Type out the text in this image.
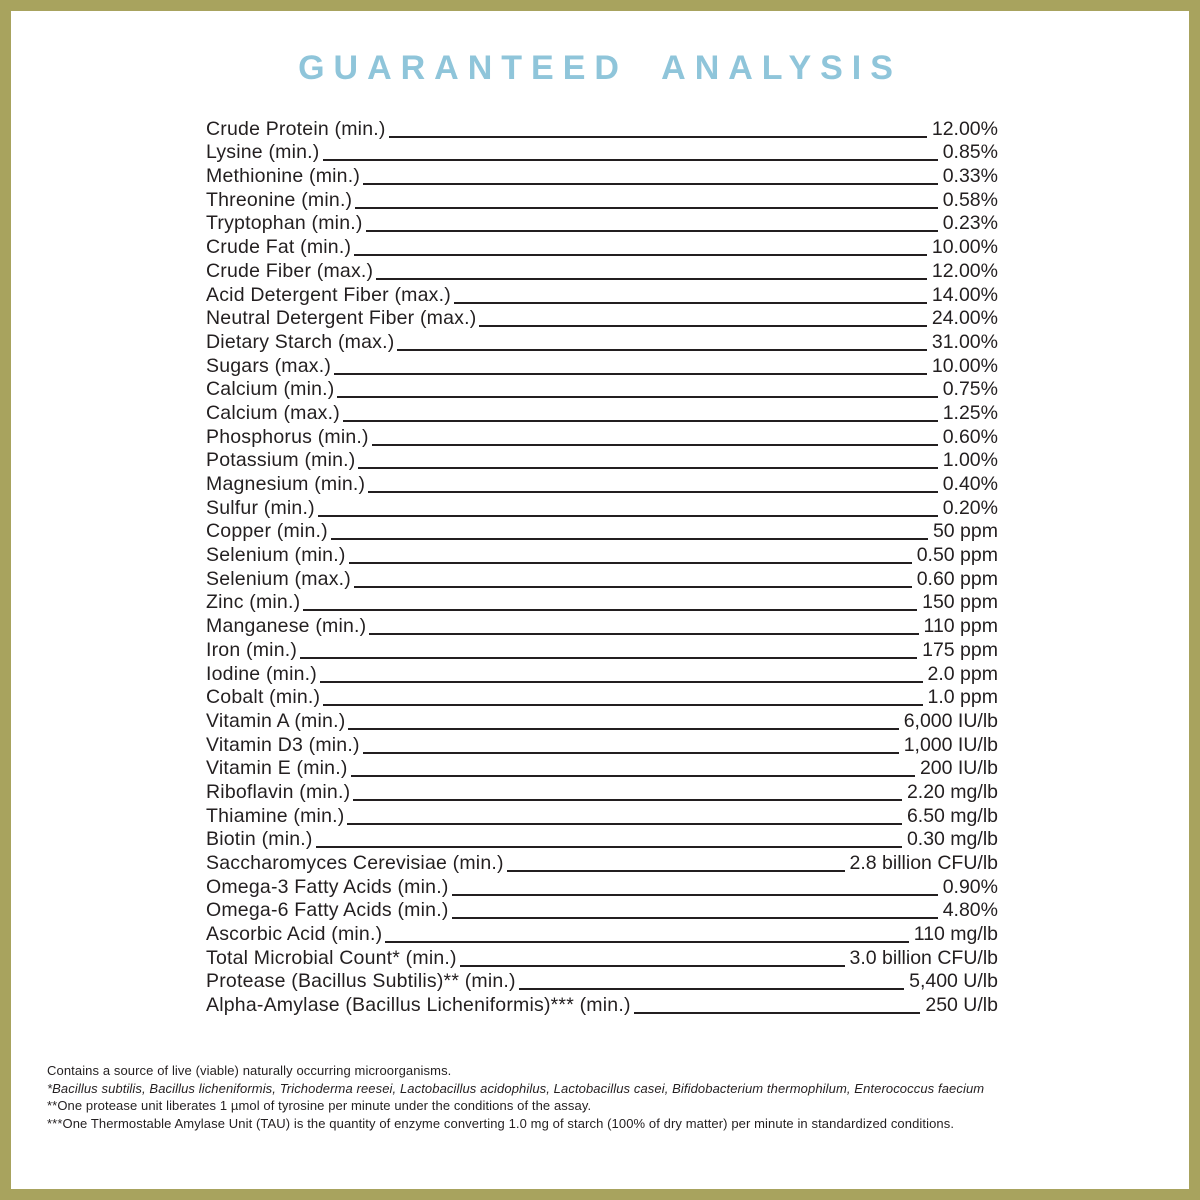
GUARANTEED ANALYSIS
Crude Protein (min.)	12.00%
Lysine (min.)	0.85%
Methionine (min.)	0.33%
Threonine (min.)	0.58%
Tryptophan (min.)	0.23%
Crude Fat (min.)	10.00%
Crude Fiber (max.)	12.00%
Acid Detergent Fiber (max.)	14.00%
Neutral Detergent Fiber (max.)	24.00%
Dietary Starch (max.)	31.00%
Sugars (max.)	10.00%
Calcium (min.)	0.75%
Calcium (max.)	1.25%
Phosphorus (min.)	0.60%
Potassium (min.)	1.00%
Magnesium (min.)	0.40%
Sulfur (min.)	0.20%
Copper (min.)	50 ppm
Selenium (min.)	0.50 ppm
Selenium (max.)	0.60 ppm
Zinc (min.)	150 ppm
Manganese (min.)	110 ppm
Iron (min.)	175 ppm
Iodine (min.)	2.0 ppm
Cobalt (min.)	1.0 ppm
Vitamin A (min.)	6,000 IU/lb
Vitamin D3 (min.)	1,000 IU/lb
Vitamin E (min.)	200 IU/lb
Riboflavin (min.)	2.20 mg/lb
Thiamine (min.)	6.50 mg/lb
Biotin (min.)	0.30 mg/lb
Saccharomyces Cerevisiae (min.)	2.8 billion CFU/lb
Omega-3 Fatty Acids (min.)	0.90%
Omega-6 Fatty Acids (min.)	4.80%
Ascorbic Acid (min.)	110 mg/lb
Total Microbial Count* (min.)	3.0 billion CFU/lb
Protease (Bacillus Subtilis)** (min.)	5,400 U/lb
Alpha-Amylase (Bacillus Licheniformis)*** (min.)	250 U/lb

Contains a source of live (viable) naturally occurring microorganisms.

*Bacillus subtilis, Bacillus licheniformis, Trichoderma reesei, Lactobacillus acidophilus, Lactobacillus casei, Bifidobacterium thermophilum, Enterococcus faecium

**One protease unit liberates 1 µmol of tyrosine per minute under the conditions of the assay.

***One Thermostable Amylase Unit (TAU) is the quantity of enzyme converting 1.0 mg of starch (100% of dry matter) per minute in standardized conditions.
